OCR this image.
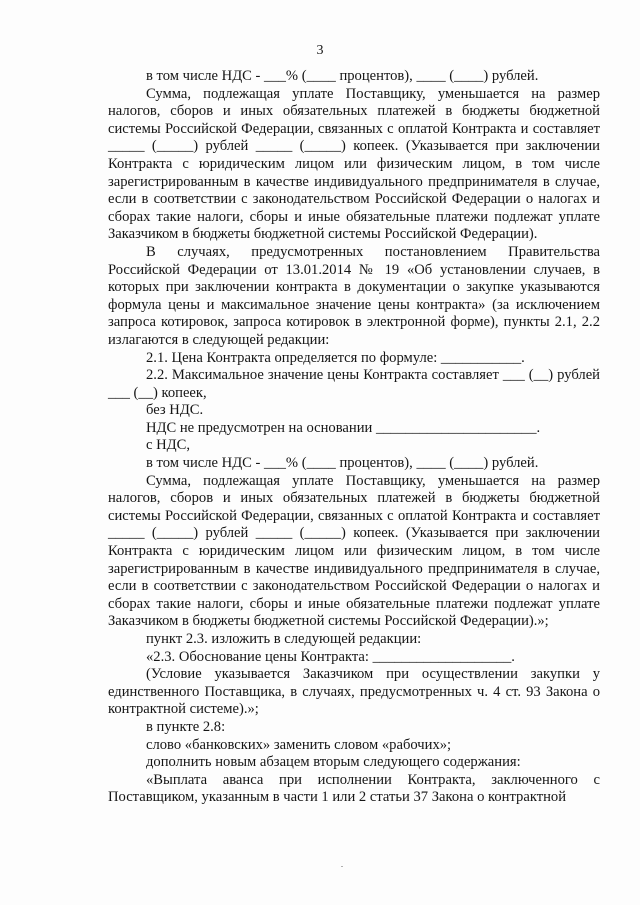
3

в том числе НДС - ___% (____ процентов), ____ (____) рублей.

Сумма, подлежащая уплате Поставщику, уменьшается на размер налогов, сборов и иных обязательных платежей в бюджеты бюджетной системы Российской Федерации, связанных с оплатой Контракта и составляет _____ (_____) рублей _____ (_____) копеек. (Указывается при заключении Контракта с юридическим лицом или физическим лицом, в том числе зарегистрированным в качестве индивидуального предпринимателя в случае, если в соответствии с законодательством Российской Федерации о налогах и сборах такие налоги, сборы и иные обязательные платежи подлежат уплате Заказчиком в бюджеты бюджетной системы Российской Федерации).

В случаях, предусмотренных постановлением Правительства Российской Федерации от 13.01.2014 № 19 «Об установлении случаев, в которых при заключении контракта в документации о закупке указываются формула цены и максимальное значение цены контракта» (за исключением запроса котировок, запроса котировок в электронной форме), пункты 2.1, 2.2 излагаются в следующей редакции:

2.1. Цена Контракта определяется по формуле: ___________.

2.2. Максимальное значение цены Контракта составляет ___ (__) рублей ___ (__) копеек,

без НДС.

НДС не предусмотрен на основании ______________________.

с НДС,

в том числе НДС - ___% (____ процентов), ____ (____) рублей.

Сумма, подлежащая уплате Поставщику, уменьшается на размер налогов, сборов и иных обязательных платежей в бюджеты бюджетной системы Российской Федерации, связанных с оплатой Контракта и составляет _____ (_____) рублей _____ (_____) копеек. (Указывается при заключении Контракта с юридическим лицом или физическим лицом, в том числе зарегистрированным в качестве индивидуального предпринимателя в случае, если в соответствии с законодательством Российской Федерации о налогах и сборах такие налоги, сборы и иные обязательные платежи подлежат уплате Заказчиком в бюджеты бюджетной системы Российской Федерации).»;

пункт 2.3. изложить в следующей редакции:

«2.3. Обоснование цены Контракта: ___________________.

(Условие указывается Заказчиком при осуществлении закупки у единственного Поставщика, в случаях, предусмотренных ч. 4 ст. 93 Закона о контрактной системе).»;

в пункте 2.8:

слово «банковских» заменить словом «рабочих»;

дополнить новым абзацем вторым следующего содержания:

«Выплата аванса при исполнении Контракта, заключенного с Поставщиком, указанным в части 1 или 2 статьи 37 Закона о контрактной
